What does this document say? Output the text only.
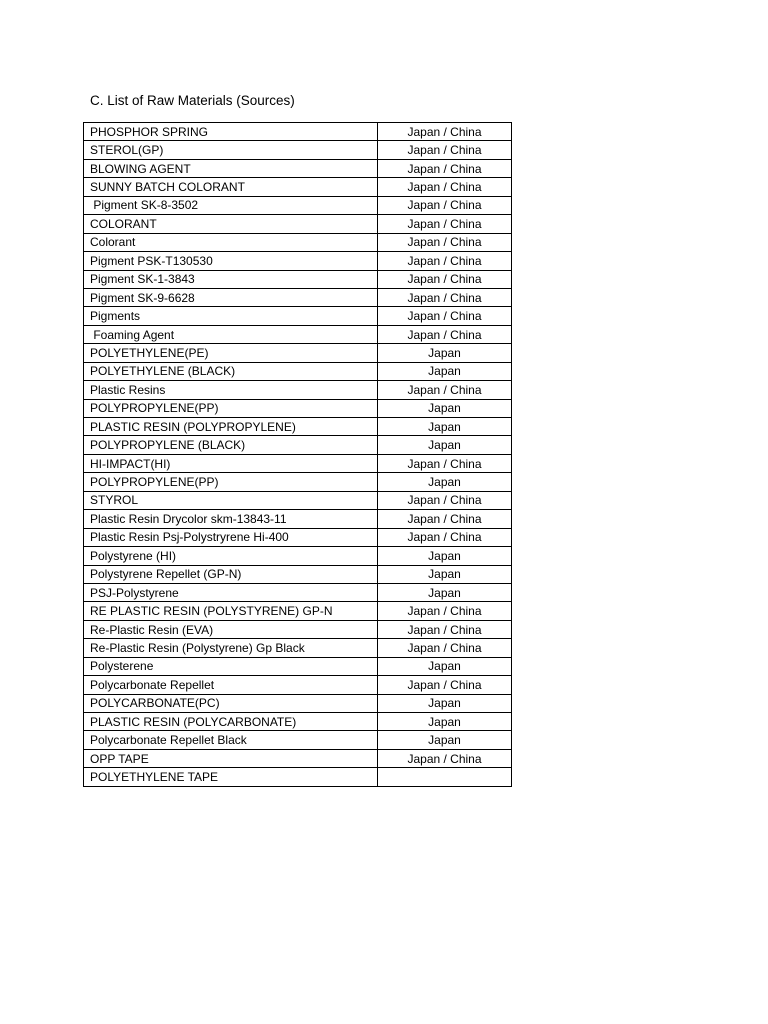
C. List of Raw Materials (Sources)
PHOSPHOR SPRING	Japan / China
STEROL(GP)	Japan / China
BLOWING AGENT	Japan / China
SUNNY BATCH COLORANT	Japan / China
Pigment SK-8-3502	Japan / China
COLORANT	Japan / China
Colorant	Japan / China
Pigment PSK-T130530	Japan / China
Pigment SK-1-3843	Japan / China
Pigment SK-9-6628	Japan / China
Pigments	Japan / China
Foaming Agent	Japan / China
POLYETHYLENE(PE)	Japan
POLYETHYLENE (BLACK)	Japan
Plastic Resins	Japan / China
POLYPROPYLENE(PP)	Japan
PLASTIC RESIN (POLYPROPYLENE)	Japan
POLYPROPYLENE (BLACK)	Japan
HI-IMPACT(HI)	Japan / China
POLYPROPYLENE(PP)	Japan
STYROL	Japan / China
Plastic Resin Drycolor skm-13843-11	Japan / China
Plastic Resin Psj-Polystryrene Hi-400	Japan / China
Polystyrene (HI)	Japan
Polystyrene Repellet (GP-N)	Japan
PSJ-Polystyrene	Japan
RE PLASTIC RESIN (POLYSTYRENE) GP-N	Japan / China
Re-Plastic Resin (EVA)	Japan / China
Re-Plastic Resin (Polystyrene) Gp Black	Japan / China
Polysterene	Japan
Polycarbonate Repellet	Japan / China
POLYCARBONATE(PC)	Japan
PLASTIC RESIN (POLYCARBONATE)	Japan
Polycarbonate Repellet Black	Japan
OPP TAPE	Japan / China
POLYETHYLENE TAPE	
